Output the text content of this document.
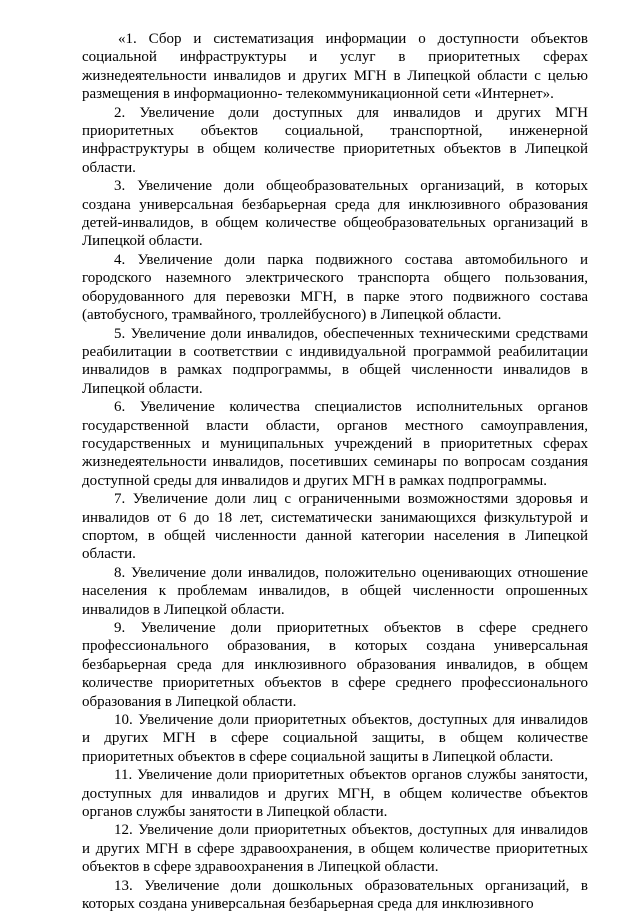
«1. Сбор и систематизация информации о доступности объектов социальной инфраструктуры и услуг в приоритетных сферах жизнедеятельности инвалидов и других МГН в Липецкой области с целью размещения в информационно- телекоммуникационной сети «Интернет».

2. Увеличение доли доступных для инвалидов и других МГН приоритетных объектов социальной, транспортной, инженерной инфраструктуры в общем количестве приоритетных объектов в Липецкой области.

3. Увеличение доли общеобразовательных организаций, в которых создана универсальная безбарьерная среда для инклюзивного образования детей-инвалидов, в общем количестве общеобразовательных организаций в Липецкой области.

4. Увеличение доли парка подвижного состава автомобильного и городского наземного электрического транспорта общего пользования, оборудованного для перевозки МГН, в парке этого подвижного состава (автобусного, трамвайного, троллейбусного) в Липецкой области.

5. Увеличение доли инвалидов, обеспеченных техническими средствами реабилитации в соответствии с индивидуальной программой реабилитации инвалидов в рамках подпрограммы, в общей численности инвалидов в Липецкой области.

6. Увеличение количества специалистов исполнительных органов государственной власти области, органов местного самоуправления, государственных и муниципальных учреждений в приоритетных сферах жизнедеятельности инвалидов, посетивших семинары по вопросам создания доступной среды для инвалидов и других МГН в рамках подпрограммы.

7. Увеличение доли лиц с ограниченными возможностями здоровья и инвалидов от 6 до 18 лет, систематически занимающихся физкультурой и спортом, в общей численности данной категории населения в Липецкой области.

8. Увеличение доли инвалидов, положительно оценивающих отношение населения к проблемам инвалидов, в общей численности опрошенных инвалидов в Липецкой области.

9. Увеличение доли приоритетных объектов в сфере среднего профессионального образования, в которых создана универсальная безбарьерная среда для инклюзивного образования инвалидов, в общем количестве приоритетных объектов в сфере среднего профессионального образования в Липецкой области.

10. Увеличение доли приоритетных объектов, доступных для инвалидов и других МГН в сфере социальной защиты, в общем количестве приоритетных объектов в сфере социальной защиты в Липецкой области.

11. Увеличение доли приоритетных объектов органов службы занятости, доступных для инвалидов и других МГН, в общем количестве объектов органов службы занятости в Липецкой области.

12. Увеличение доли приоритетных объектов, доступных для инвалидов и других МГН в сфере здравоохранения, в общем количестве приоритетных объектов в сфере здравоохранения в Липецкой области.

13. Увеличение доли дошкольных образовательных организаций, в которых создана универсальная безбарьерная среда для инклюзивного
